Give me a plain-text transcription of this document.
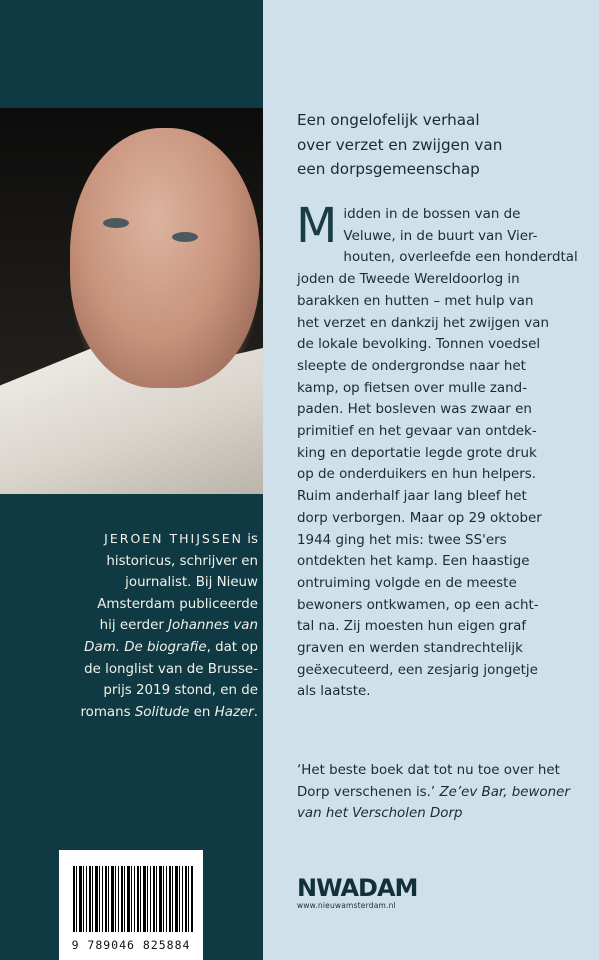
JEROEN THIJSSEN is
historicus, schrijver en
journalist. Bij Nieuw
Amsterdam publiceerde
hij eerder Johannes van
Dam. De biografie, dat op
de longlist van de Brusse-
prijs 2019 stond, en de
romans Solitude en Hazer.
9 789046 825884
Een ongelofelijk verhaal
over verzet en zwijgen van
een dorpsgemeenschap
M idden in de bossen van de
Veluwe, in de buurt van Vier-
houten, overleefde een honderdtal
joden de Tweede Wereldoorlog in
barakken en hutten – met hulp van
het verzet en dankzij het zwijgen van
de lokale bevolking. Tonnen voedsel
sleepte de ondergrondse naar het
kamp, op fietsen over mulle zand-
paden. Het bosleven was zwaar en
primitief en het gevaar van ontdek-
king en deportatie legde grote druk
op de onderduikers en hun helpers.
Ruim anderhalf jaar lang bleef het
dorp verborgen. Maar op 29 oktober
1944 ging het mis: twee SS'ers
ontdekten het kamp. Een haastige
ontruiming volgde en de meeste
bewoners ontkwamen, op een acht-
tal na. Zij moesten hun eigen graf
graven en werden standrechtelijk
geëxecuteerd, een zesjarig jongetje
als laatste.
‘Het beste boek dat tot nu toe over het
Dorp verschenen is.’ Ze’ev Bar, bewoner
van het Verscholen Dorp
NWADAM
www.nieuwamsterdam.nl
